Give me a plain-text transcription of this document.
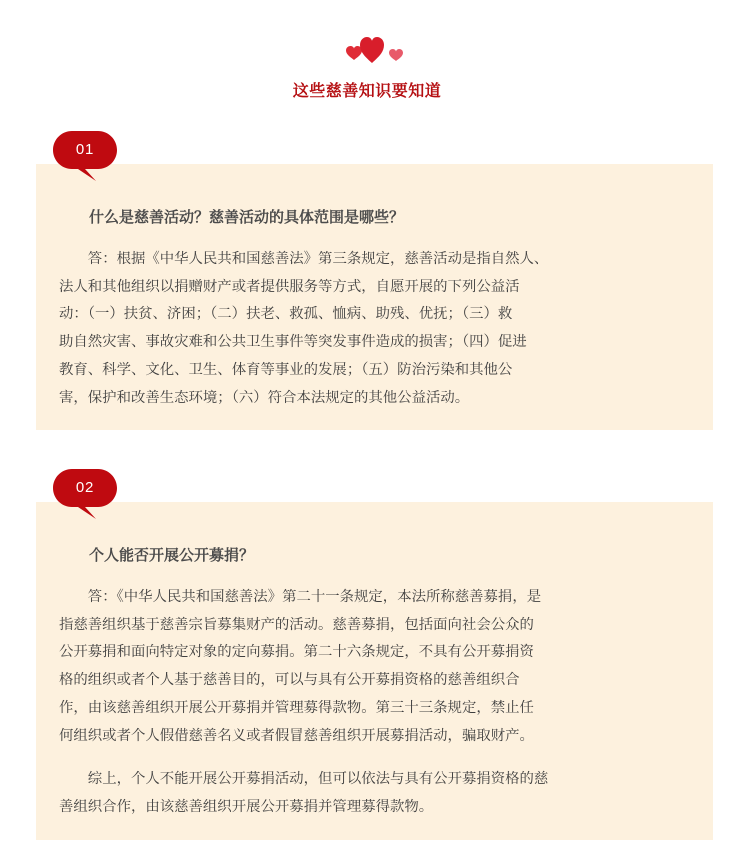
这些慈善知识要知道
什么是慈善活动？慈善活动的具体范围是哪些？

答：根据《中华人民共和国慈善法》第三条规定，慈善活动是指自然人、
法人和其他组织以捐赠财产或者提供服务等方式，自愿开展的下列公益活
动：（一）扶贫、济困；（二）扶老、救孤、恤病、助残、优抚；（三）救
助自然灾害、事故灾难和公共卫生事件等突发事件造成的损害；（四）促进
教育、科学、文化、卫生、体育等事业的发展；（五）防治污染和其他公
害，保护和改善生态环境；（六）符合本法规定的其他公益活动。

01
个人能否开展公开募捐？

答：《中华人民共和国慈善法》第二十一条规定，本法所称慈善募捐，是
指慈善组织基于慈善宗旨募集财产的活动。慈善募捐，包括面向社会公众的
公开募捐和面向特定对象的定向募捐。第二十六条规定，不具有公开募捐资
格的组织或者个人基于慈善目的，可以与具有公开募捐资格的慈善组织合
作，由该慈善组织开展公开募捐并管理募得款物。第三十三条规定，禁止任
何组织或者个人假借慈善名义或者假冒慈善组织开展募捐活动，骗取财产。

综上，个人不能开展公开募捐活动，但可以依法与具有公开募捐资格的慈
善组织合作，由该慈善组织开展公开募捐并管理募得款物。

02
